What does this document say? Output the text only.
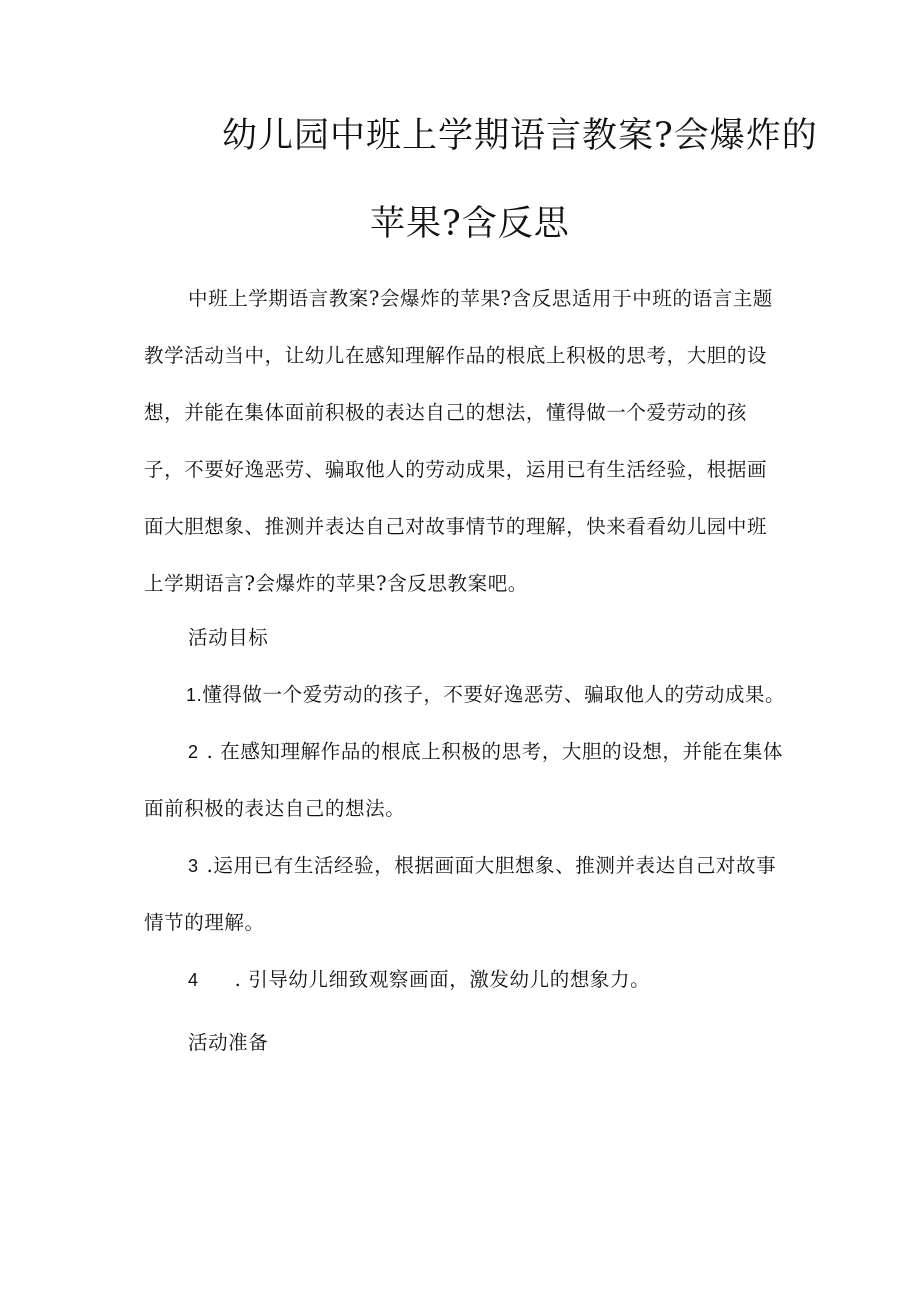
幼儿园中班上学期语言教案?会爆炸的
苹果?含反思
中班上学期语言教案?会爆炸的苹果?含反思适用于中班的语言主题
教学活动当中，让幼儿在感知理解作品的根底上积极的思考，大胆的设
想，并能在集体面前积极的表达自己的想法，懂得做一个爱劳动的孩
子，不要好逸恶劳、骗取他人的劳动成果，运用已有生活经验，根据画
面大胆想象、推测并表达自己对故事情节的理解，快来看看幼儿园中班
上学期语言?会爆炸的苹果?含反思教案吧。
活动目标
1.懂得做一个爱劳动的孩子，不要好逸恶劳、骗取他人的劳动成果。
2 . 在感知理解作品的根底上积极的思考，大胆的设想，并能在集体
面前积极的表达自己的想法。
3 .运用已有生活经验，根据画面大胆想象、推测并表达自己对故事
情节的理解。
4 . 引导幼儿细致观察画面，激发幼儿的想象力。
活动准备
